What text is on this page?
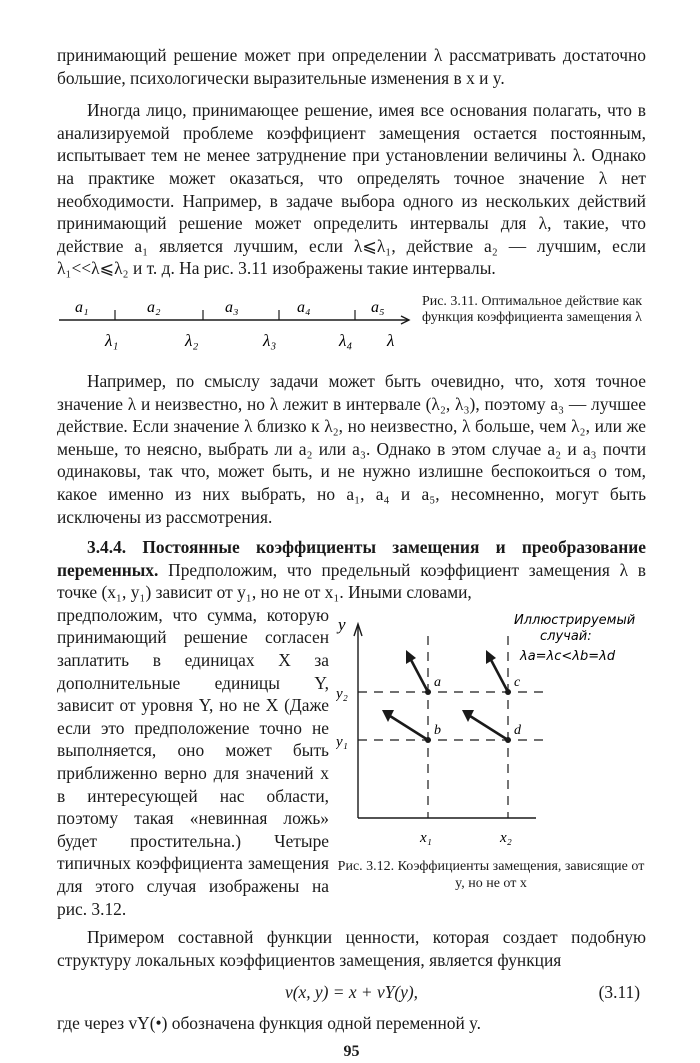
принимающий решение может при определении λ рассматривать достаточно большие, психологически выразительные изменения в x и y.

Иногда лицо, принимающее решение, имея все основания полагать, что в анализируемой проблеме коэффициент замещения остается постоянным, испытывает тем не менее затруднение при установлении величины λ. Однако на практике может оказаться, что определять точное значение λ нет необходимости. Например, в задаче выбора одного из нескольких действий принимающий решение может определить интервалы для λ, такие, что действие a₁ является лучшим, если λ⩽λ₁, действие a₂ — лучшим, если λ₁<<λ⩽λ₂ и т. д. На рис. 3.11 изображены такие интервалы.

a₁	a₂	a₃	a₄	a₅
λ₁	λ₂	λ₃	λ₄ λ
Рис. 3.11. Оптимальное действие как функция коэффициента замещения λ

Например, по смыслу задачи может быть очевидно, что, хотя точное значение λ и неизвестно, но λ лежит в интервале (λ₂, λ₃), поэтому a₃ — лучшее действие. Если значение λ близко к λ₂, но неизвестно, λ больше, чем λ₂, или же меньше, то неясно, выбрать ли a₂ или a₃. Однако в этом случае a₂ и a₃ почти одинаковы, так что, может быть, и не нужно излишне беспокоиться о том, какое именно из них выбрать, но a₁, a₄ и a₅, несомненно, могут быть исключены из рассмотрения.

3.4.4. Постоянные коэффициенты замещения и преобразование переменных. Предположим, что предельный коэффициент замещения λ в точке (x₁, y₁) зависит от y₁, но не от x₁. Иными словами,

y
y₂
y₁
x₁	x₂
a
b
c
d
Иллюстрируемый
случай:
λa=λc<λb=λd
Рис. 3.12. Коэффициенты замещения, зависящие от y, но не от x
предположим, что сумма, которую принимающий решение согласен заплатить в единицах X за дополнительные единицы Y, зависит от уровня Y, но не X (Даже если это предположение точно не выполняется, оно может быть приближенно верно для значений x в интересующей нас области, поэтому такая «невинная ложь» будет простительна.) Четыре типичных коэффициента замещения для этого случая изображены на рис. 3.12.

Примером составной функции ценности, которая создает подобную структуру локальных коэффициентов замещения, является функция

v(x, y) = x + vY(y),	(3.11)

где через vY(•) обозначена функция одной переменной y.

95
